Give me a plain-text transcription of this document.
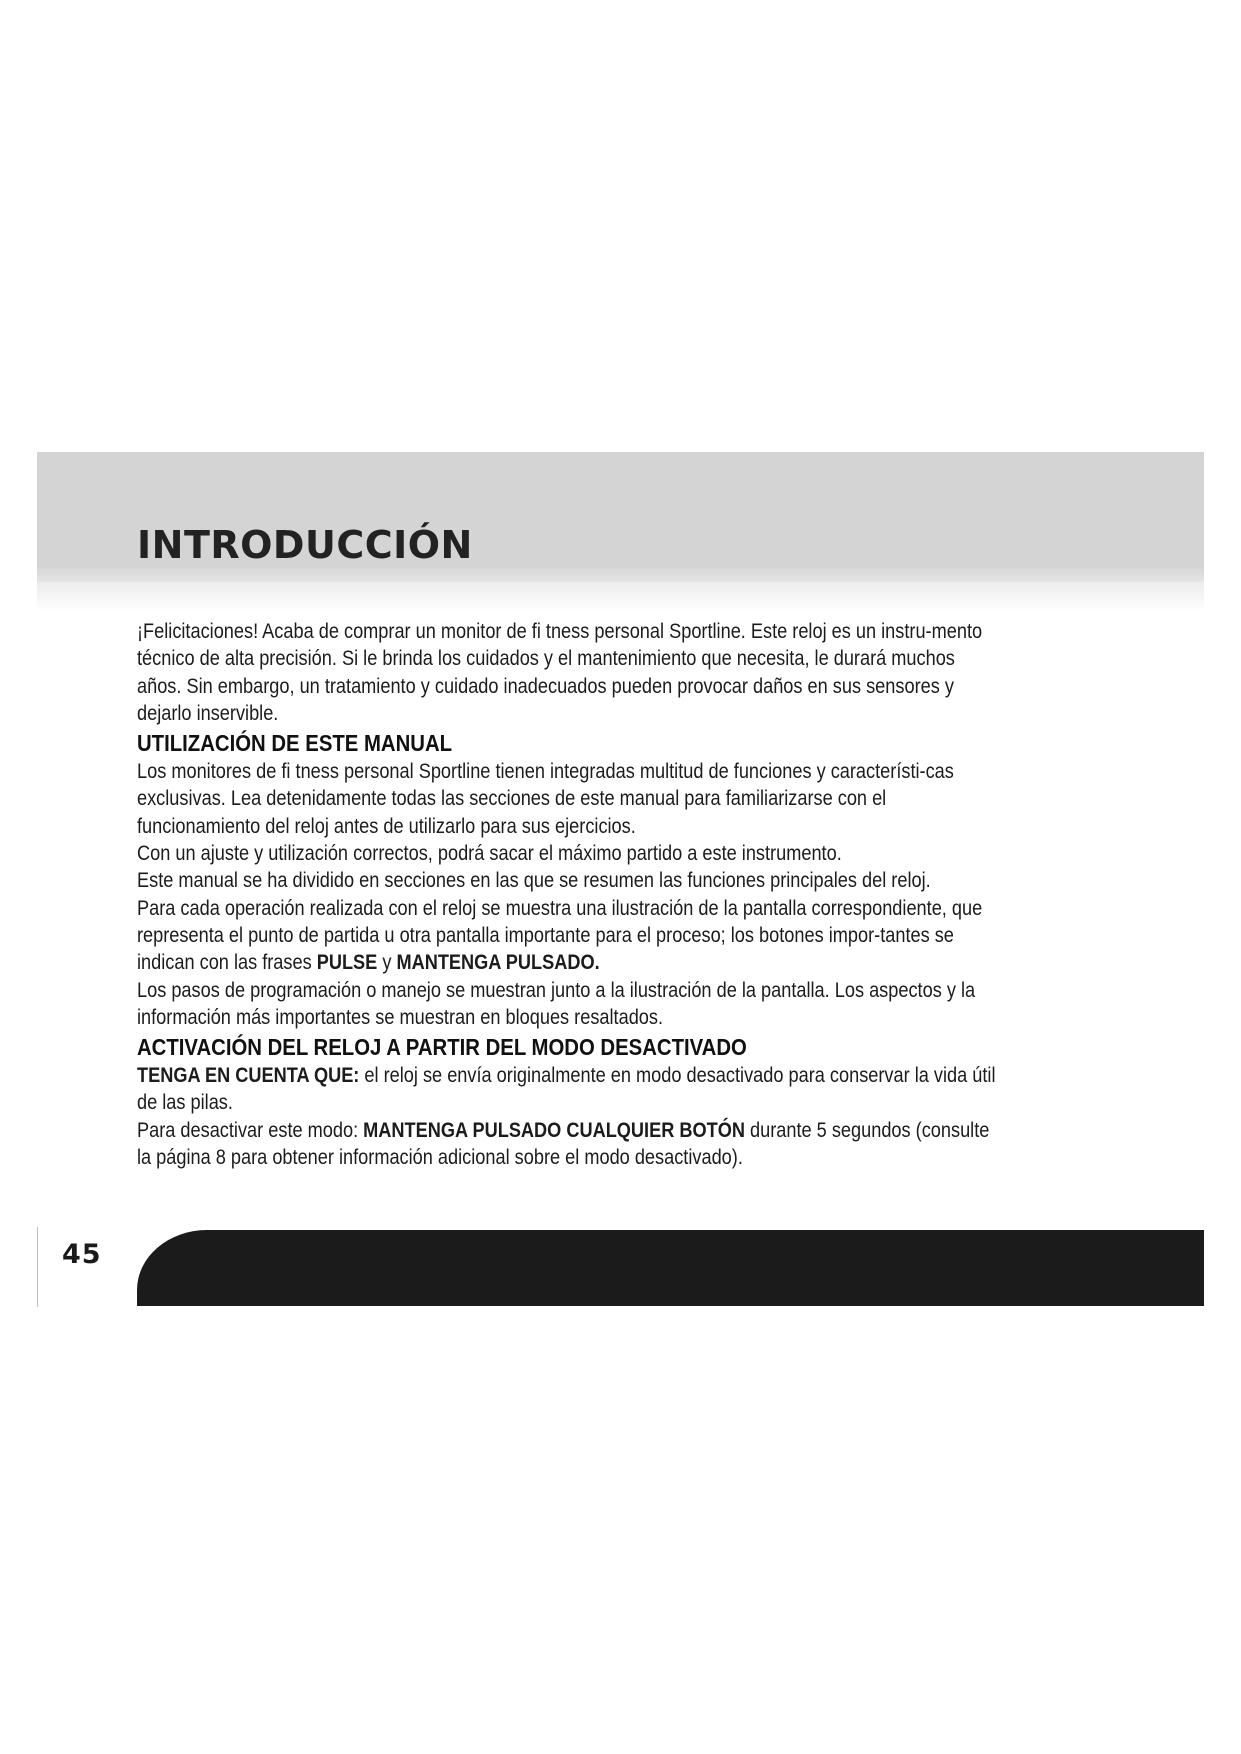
INTRODUCCIÓN

¡Felicitaciones! Acaba de comprar un monitor de fi tness personal Sportline. Este reloj es un instru-mento técnico de alta precisión. Si le brinda los cuidados y el mantenimiento que necesita, le durará muchos años. Sin embargo, un tratamiento y cuidado inadecuados pueden provocar daños en sus sensores y dejarlo inservible.

UTILIZACIÓN DE ESTE MANUAL

Los monitores de fi tness personal Sportline tienen integradas multitud de funciones y característi-cas exclusivas. Lea detenidamente todas las secciones de este manual para familiarizarse con el funcionamiento del reloj antes de utilizarlo para sus ejercicios.

Con un ajuste y utilización correctos, podrá sacar el máximo partido a este instrumento.

Este manual se ha dividido en secciones en las que se resumen las funciones principales del reloj.

Para cada operación realizada con el reloj se muestra una ilustración de la pantalla correspondiente, que representa el punto de partida u otra pantalla importante para el proceso; los botones impor-tantes se indican con las frases PULSE y MANTENGA PULSADO.

Los pasos de programación o manejo se muestran junto a la ilustración de la pantalla. Los aspectos y la información más importantes se muestran en bloques resaltados.

ACTIVACIÓN DEL RELOJ A PARTIR DEL MODO DESACTIVADO

TENGA EN CUENTA QUE: el reloj se envía originalmente en modo desactivado para conservar la vida útil de las pilas.

Para desactivar este modo: MANTENGA PULSADO CUALQUIER BOTÓN durante 5 segundos (consulte la página 8 para obtener información adicional sobre el modo desactivado).

45
